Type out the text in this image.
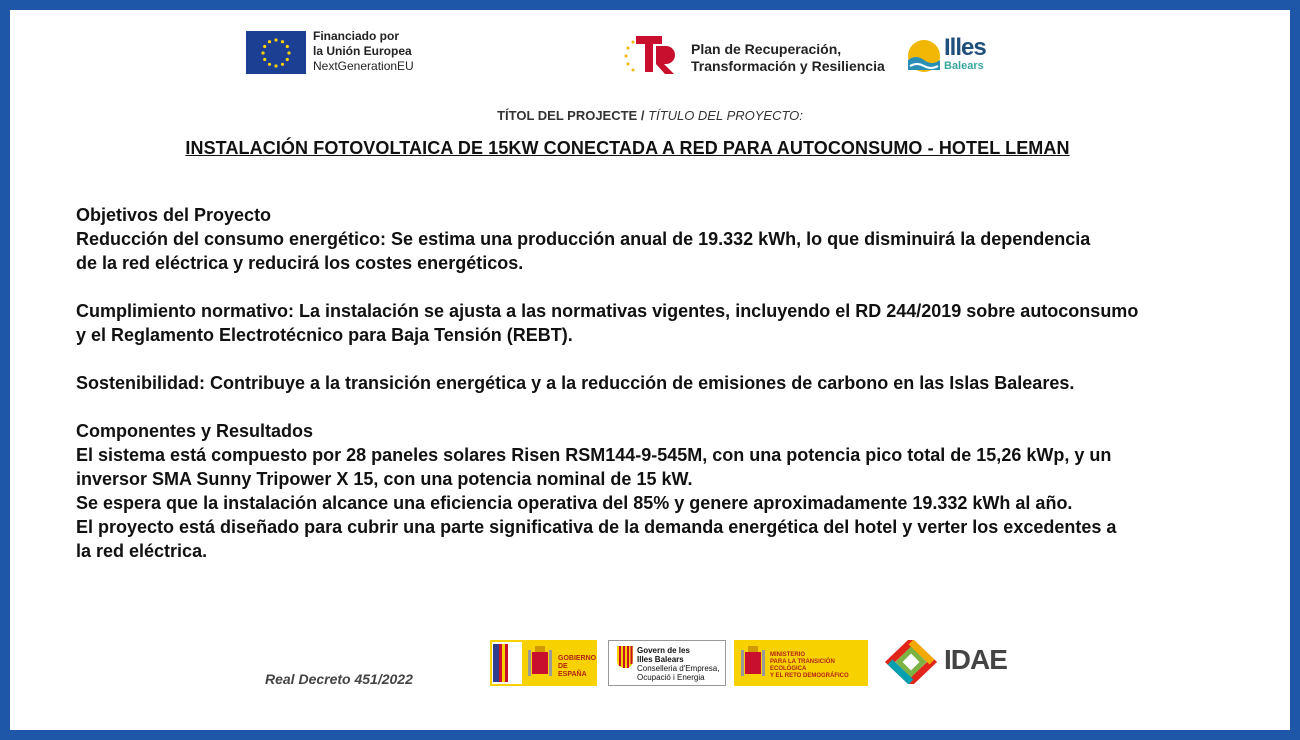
Financiado por
la Unión Europea
NextGenerationEU
Plan de Recuperación,
Transformación y Resiliencia
Illes
Balears
TÍTOL DEL PROJECTE / TÍTULO DEL PROYECTO:
INSTALACIÓN FOTOVOLTAICA DE 15KW CONECTADA A RED PARA AUTOCONSUMO - HOTEL LEMAN

Objetivos del Proyecto

Reducción del consumo energético: Se estima una producción anual de 19.332 kWh, lo que disminuirá la dependencia

de la red eléctrica y reducirá los costes energéticos.

Cumplimiento normativo: La instalación se ajusta a las normativas vigentes, incluyendo el RD 244/2019 sobre autoconsumo

y el Reglamento Electrotécnico para Baja Tensión (REBT).

Sostenibilidad: Contribuye a la transición energética y a la reducción de emisiones de carbono en las Islas Baleares.

Componentes y Resultados

El sistema está compuesto por 28 paneles solares Risen RSM144-9-545M, con una potencia pico total de 15,26 kWp, y un

inversor SMA Sunny Tripower X 15, con una potencia nominal de 15 kW.

Se espera que la instalación alcance una eficiencia operativa del 85% y genere aproximadamente 19.332 kWh al año.

El proyecto está diseñado para cubrir una parte significativa de la demanda energética del hotel y verter los excedentes a

la red eléctrica.

Real Decreto 451/2022
GOBIERNO
DE ESPAÑA
Govern de les
Illes Balears
Conselleria d'Empresa,
Ocupació i Energia
MINISTERIO
PARA LA TRANSICIÓN ECOLÓGICA
Y EL RETO DEMOGRÁFICO
IDAE
